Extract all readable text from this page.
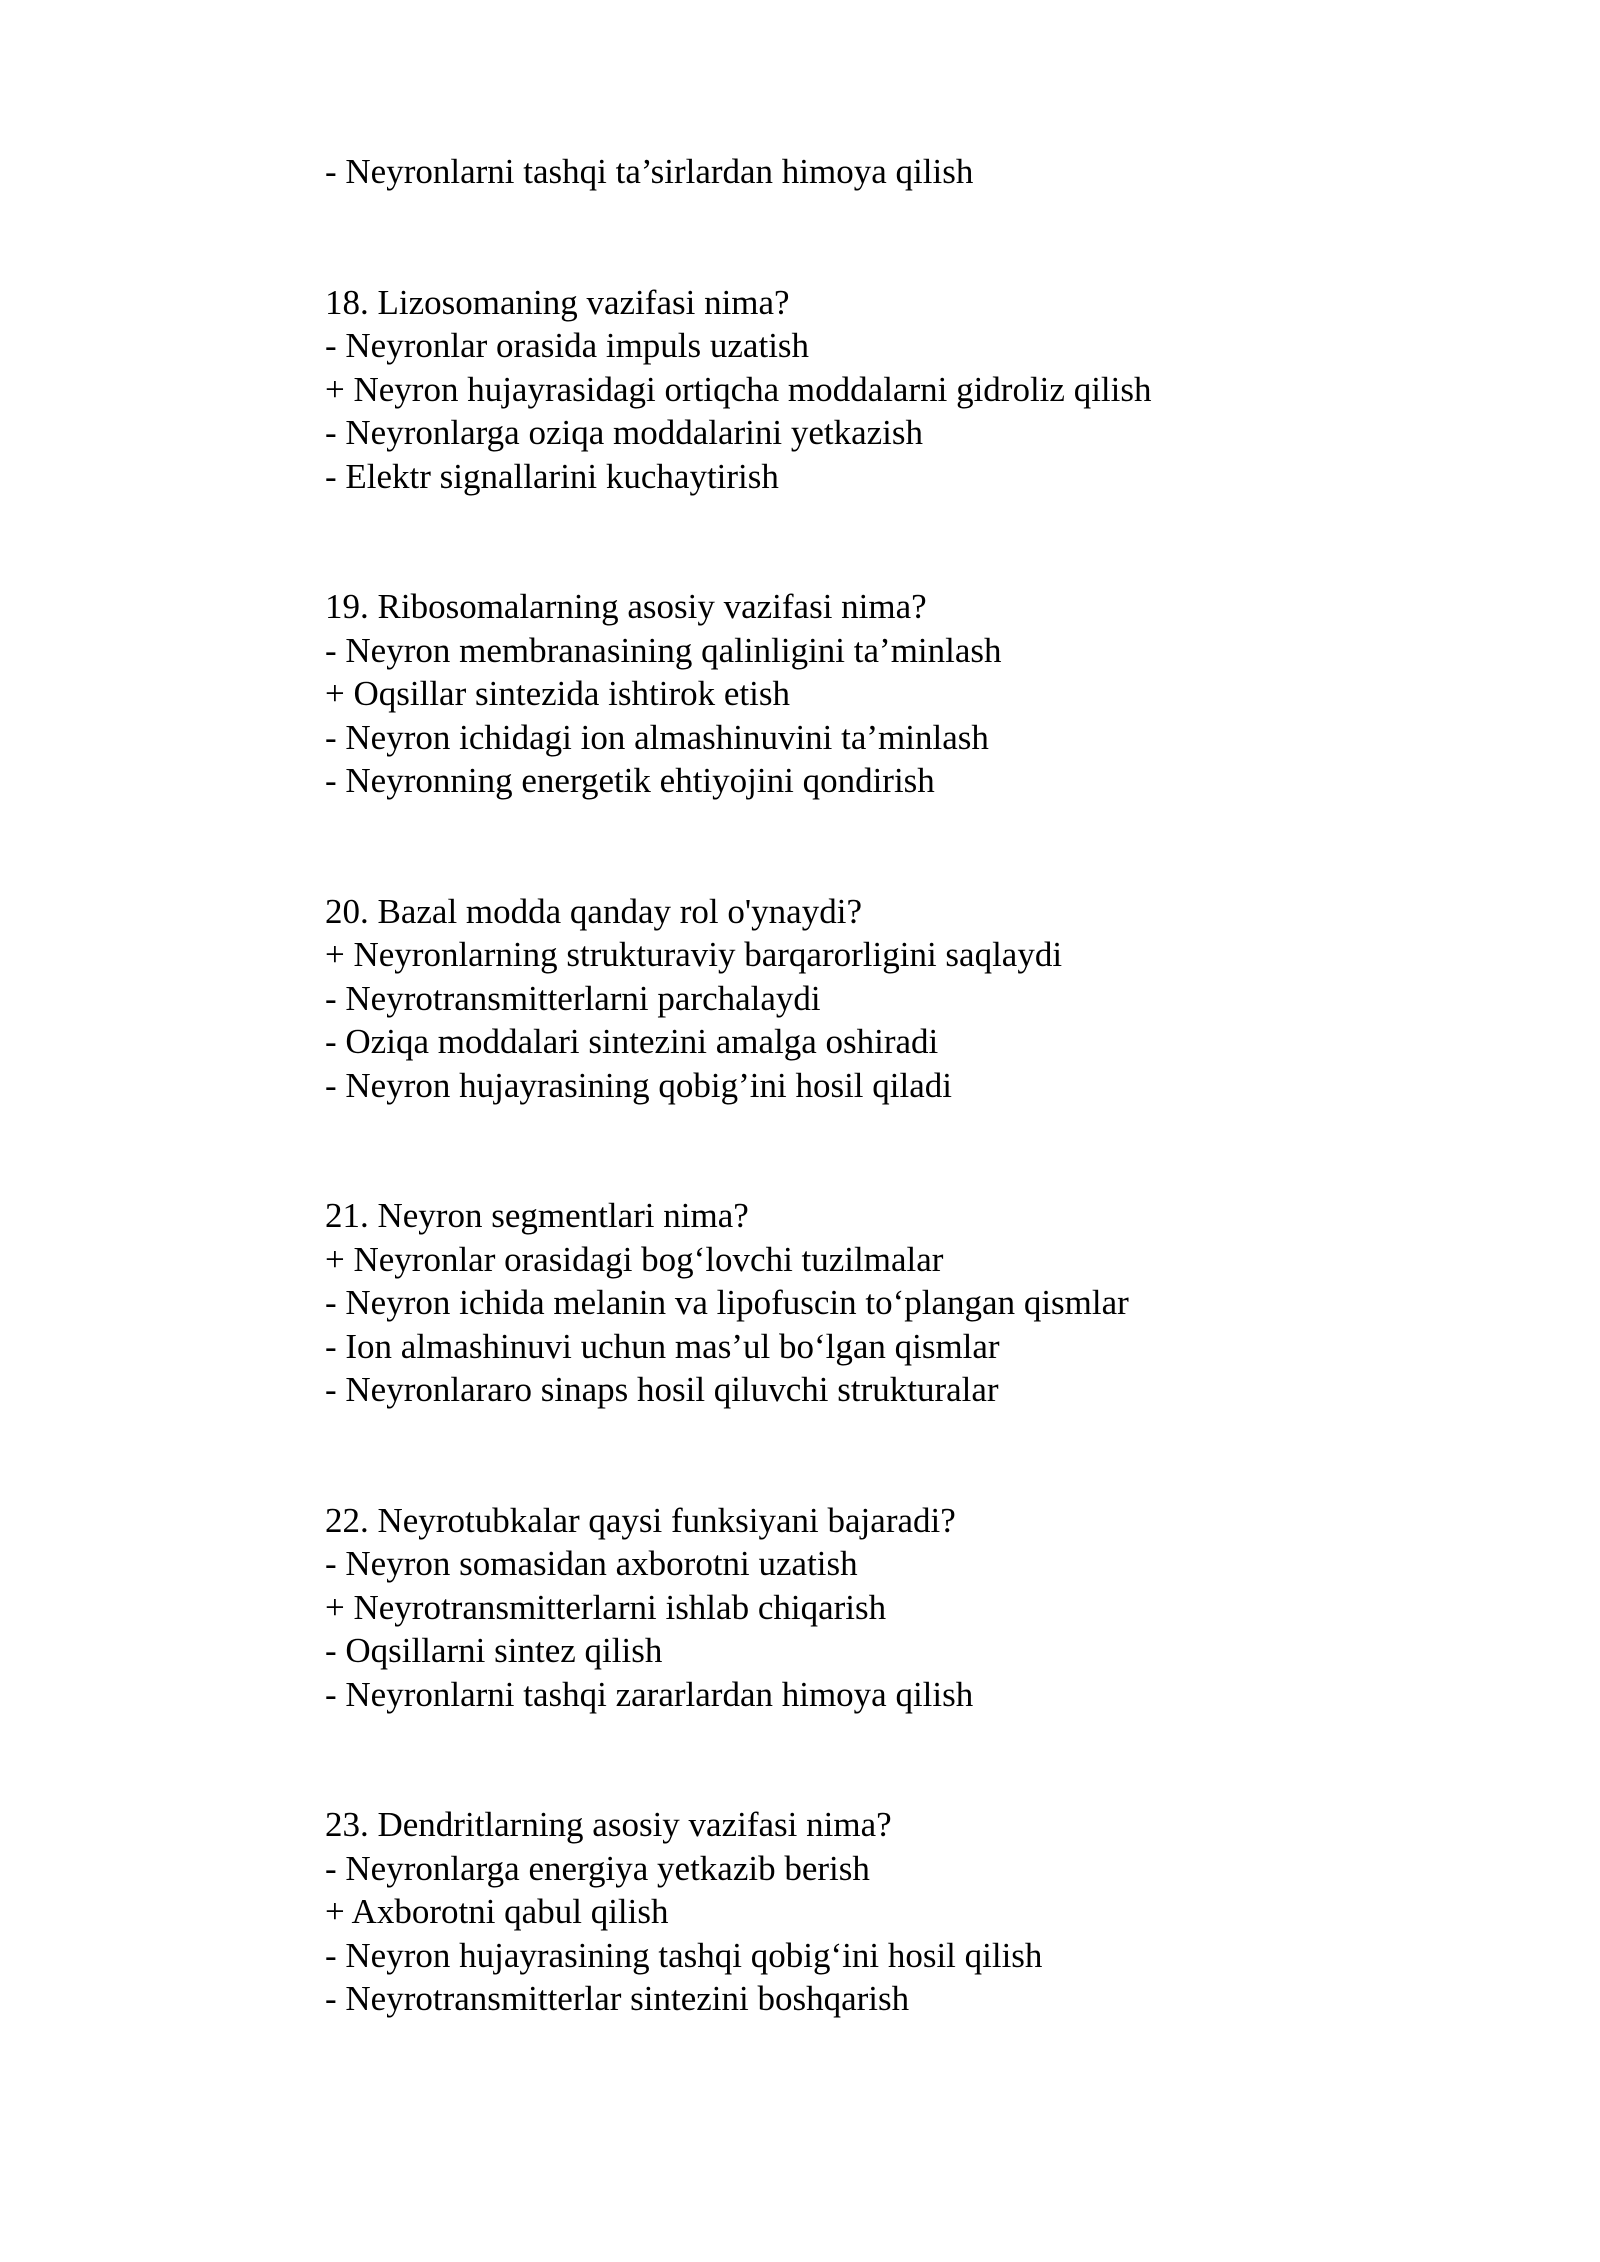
- Neyronlarni tashqi ta’sirlardan himoya qilish
18. Lizosomaning vazifasi nima?
- Neyronlar orasida impuls uzatish
+ Neyron hujayrasidagi ortiqcha moddalarni gidroliz qilish
- Neyronlarga oziqa moddalarini yetkazish
- Elektr signallarini kuchaytirish
19. Ribosomalarning asosiy vazifasi nima?
- Neyron membranasining qalinligini ta’minlash
+ Oqsillar sintezida ishtirok etish
- Neyron ichidagi ion almashinuvini ta’minlash
- Neyronning energetik ehtiyojini qondirish
20. Bazal modda qanday rol o'ynaydi?
+ Neyronlarning strukturaviy barqarorligini saqlaydi
- Neyrotransmitterlarni parchalaydi
- Oziqa moddalari sintezini amalga oshiradi
- Neyron hujayrasining qobig’ini hosil qiladi
21. Neyron segmentlari nima?
+ Neyronlar orasidagi bog‘lovchi tuzilmalar
- Neyron ichida melanin va lipofuscin to‘plangan qismlar
- Ion almashinuvi uchun mas’ul bo‘lgan qismlar
- Neyronlararo sinaps hosil qiluvchi strukturalar
22. Neyrotubkalar qaysi funksiyani bajaradi?
- Neyron somasidan axborotni uzatish
+ Neyrotransmitterlarni ishlab chiqarish
- Oqsillarni sintez qilish
- Neyronlarni tashqi zararlardan himoya qilish
23. Dendritlarning asosiy vazifasi nima?
- Neyronlarga energiya yetkazib berish
+ Axborotni qabul qilish
- Neyron hujayrasining tashqi qobig‘ini hosil qilish
- Neyrotransmitterlar sintezini boshqarish
